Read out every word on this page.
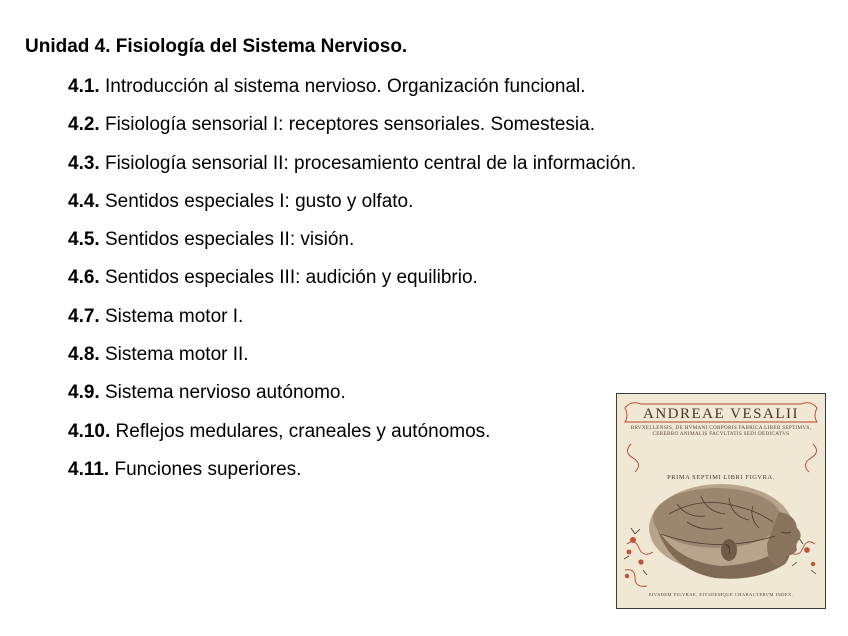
Unidad 4. Fisiología del Sistema Nervioso.
4.1. Introducción al sistema nervioso. Organización funcional.
4.2. Fisiología sensorial I: receptores sensoriales. Somestesia.
4.3. Fisiología sensorial II: procesamiento central de la información.
4.4. Sentidos especiales I: gusto y olfato.
4.5. Sentidos especiales II: visión.
4.6. Sentidos especiales III: audición y equilibrio.
4.7. Sistema motor I.
4.8. Sistema motor II.
4.9. Sistema nervioso autónomo.
4.10. Reflejos medulares, craneales y autónomos.
4.11. Funciones superiores.
ANDREAE VESALII
BRVXELLENSIS, DE HVMANI CORPORIS FABRICA LIBER SEPTIMVS, CEREBRO ANIMALIS FACVLTATIS SEDI DEDICATVS
PRIMA SEPTIMI LIBRI FIGVRA.
EIVSDEM FIGVRAE, EIVSDEMQUE CHARACTERVM INDEX.
